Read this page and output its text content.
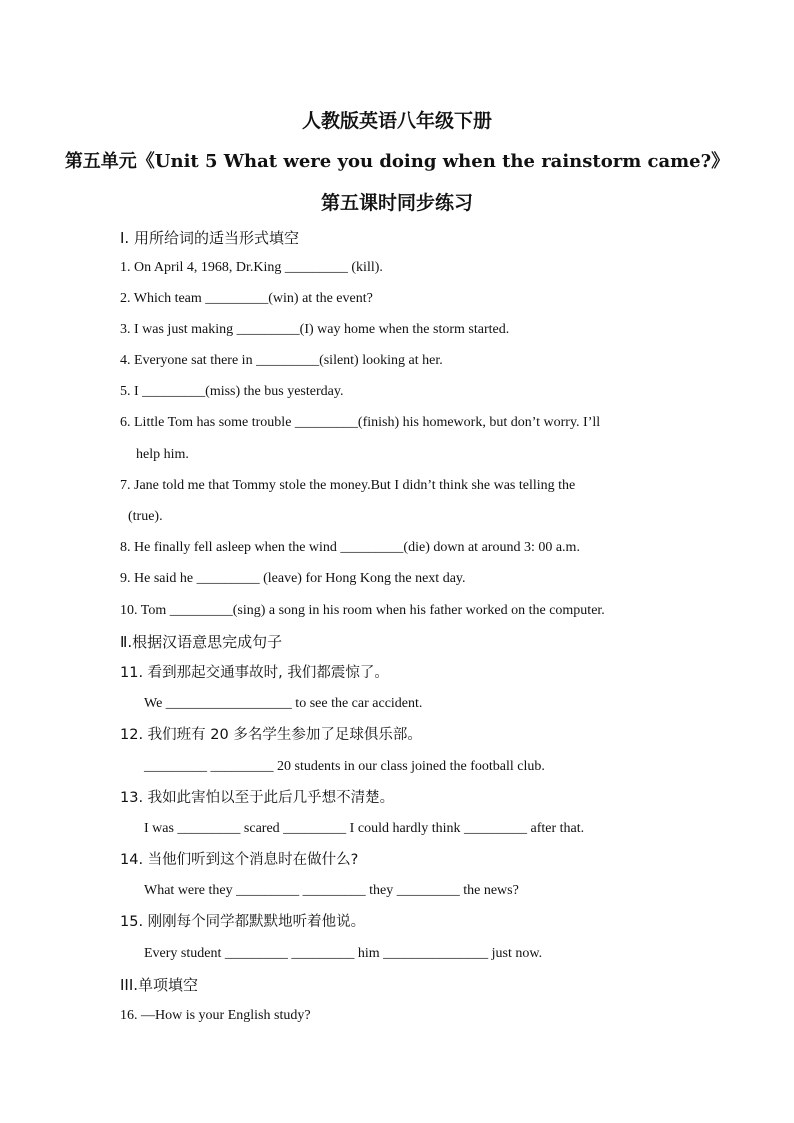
人教版英语八年级下册
第五单元《Unit 5 What were you doing when the rainstorm came?》
第五课时同步练习
Ⅰ. 用所给词的适当形式填空
1. On April 4, 1968, Dr.King _________ (kill).
2. Which team _________(win) at the event?
3. I was just making _________(I) way home when the storm started.
4. Everyone sat there in _________(silent) looking at her.
5. I _________(miss) the bus yesterday.
6. Little Tom has some trouble _________(finish) his homework, but don’t worry. I’ll
help him.
7. Jane told me that Tommy stole the money.But I didn’t think she was telling the
(true).
8. He finally fell asleep when the wind _________(die) down at around 3: 00 a.m.
9. He said he _________ (leave) for Hong Kong the next day.
10. Tom _________(sing) a song in his room when his father worked on the computer.
Ⅱ.根据汉语意思完成句子
11. 看到那起交通事故时, 我们都震惊了。
We __________________ to see the car accident.
12. 我们班有 20 多名学生参加了足球俱乐部。
_________ _________ 20 students in our class joined the football club.
13. 我如此害怕以至于此后几乎想不清楚。
I was _________ scared _________ I could hardly think _________ after that.
14. 当他们听到这个消息时在做什么?
What were they _________ _________ they _________ the news?
15. 刚刚每个同学都默默地听着他说。
Every student _________ _________ him _______________ just now.
III.单项填空
16. —How is your English study?
